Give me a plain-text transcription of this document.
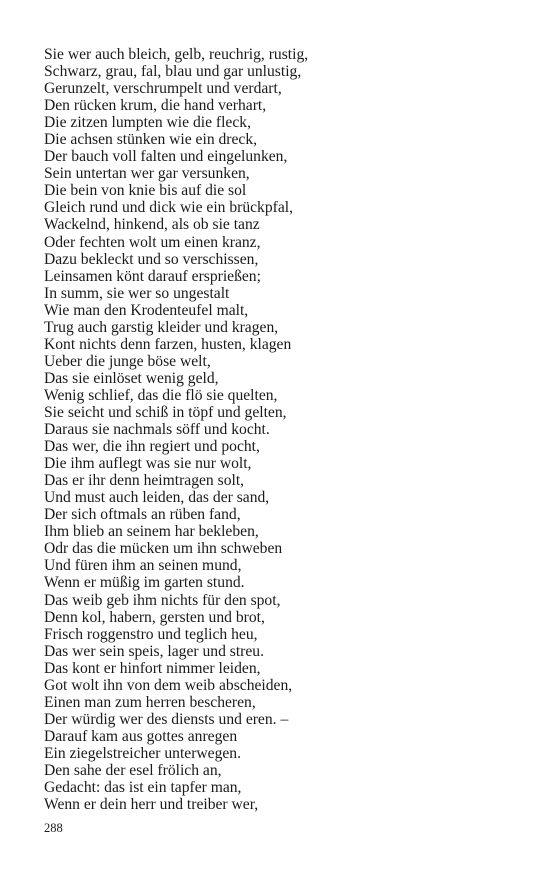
Sie wer auch bleich, gelb, reuchrig, rustig,
Schwarz, grau, fal, blau und gar unlustig,
Gerunzelt, verschrumpelt und verdart,
Den rücken krum, die hand verhart,
Die zitzen lumpten wie die fleck,
Die achsen stünken wie ein dreck,
Der bauch voll falten und eingelunken,
Sein untertan wer gar versunken,
Die bein von knie bis auf die sol
Gleich rund und dick wie ein brückpfal,
Wackelnd, hinkend, als ob sie tanz
Oder fechten wolt um einen kranz,
Dazu bekleckt und so verschissen,
Leinsamen könt darauf ersprießen;
In summ, sie wer so ungestalt
Wie man den Krodenteufel malt,
Trug auch garstig kleider und kragen,
Kont nichts denn farzen, husten, klagen
Ueber die junge böse welt,
Das sie einlöset wenig geld,
Wenig schlief, das die flö sie quelten,
Sie seicht und schiß in töpf und gelten,
Daraus sie nachmals söff und kocht.
Das wer, die ihn regiert und pocht,
Die ihm auflegt was sie nur wolt,
Das er ihr denn heimtragen solt,
Und must auch leiden, das der sand,
Der sich oftmals an rüben fand,
Ihm blieb an seinem har bekleben,
Odr das die mücken um ihn schweben
Und füren ihm an seinen mund,
Wenn er müßig im garten stund.
Das weib geb ihm nichts für den spot,
Denn kol, habern, gersten und brot,
Frisch roggenstro und teglich heu,
Das wer sein speis, lager und streu.
Das kont er hinfort nimmer leiden,
Got wolt ihn von dem weib abscheiden,
Einen man zum herren bescheren,
Der würdig wer des diensts und eren. –
Darauf kam aus gottes anregen
Ein ziegelstreicher unterwegen.
Den sahe der esel frölich an,
Gedacht: das ist ein tapfer man,
Wenn er dein herr und treiber wer,
288
